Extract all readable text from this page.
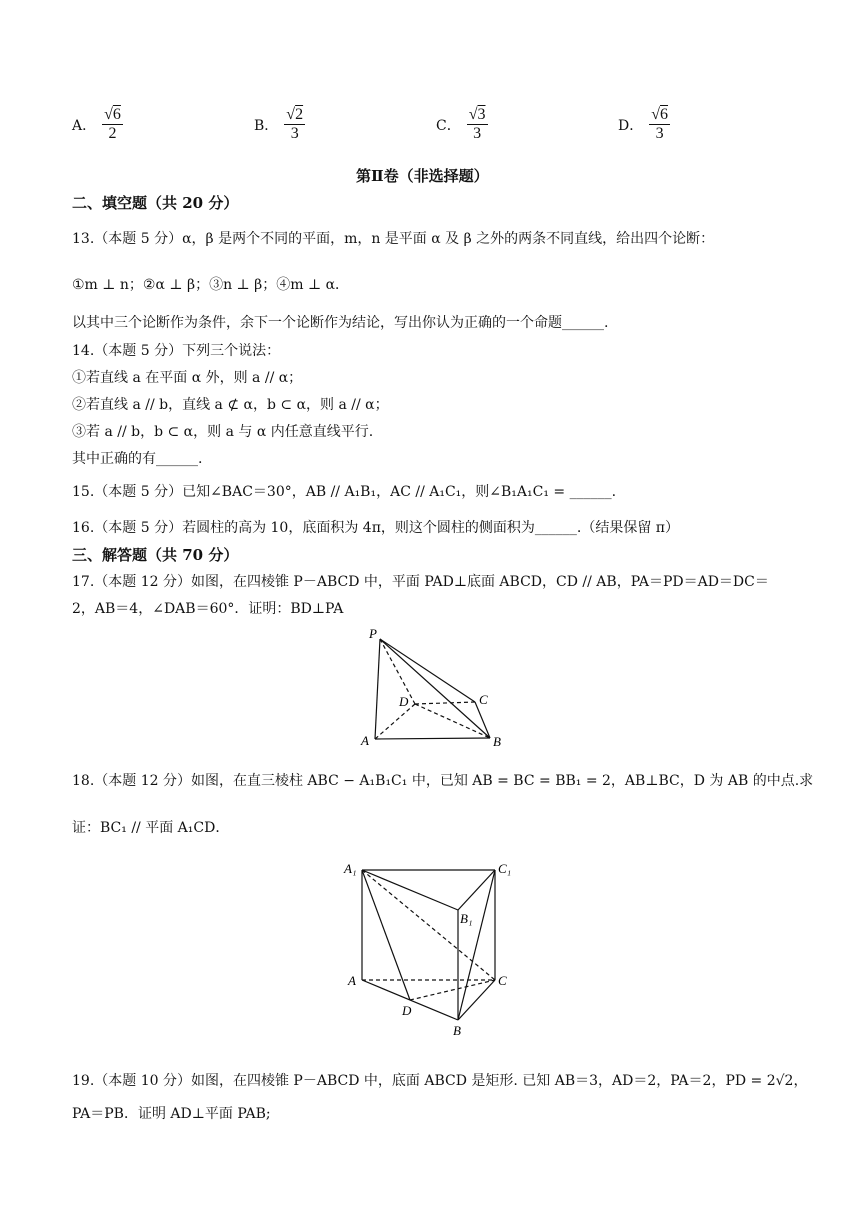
A． $\frac{√6}{2}$	B． $\frac{√2}{3}$	C． $\frac{√3}{3}$	D． $\frac{√6}{3}$
第Ⅱ卷（非选择题）
二、填空题（共 20 分）
13.（本题 5 分）α，β 是两个不同的平面，m，n 是平面 α 及 β 之外的两条不同直线，给出四个论断：
①m ⊥ n；②α ⊥ β；③n ⊥ β；④m ⊥ α．
以其中三个论断作为条件，余下一个论断作为结论，写出你认为正确的一个命题______.
14.（本题 5 分）下列三个说法：
①若直线 a 在平面 α 外，则 a // α；
②若直线 a // b，直线 a ⊄ α，b ⊂ α，则 a // α；
③若 a // b，b ⊂ α，则 a 与 α 内任意直线平行.
其中正确的有______.
15.（本题 5 分）已知∠BAC＝30°，AB // A₁B₁，AC // A₁C₁，则∠B₁A₁C₁ = ______.
16.（本题 5 分）若圆柱的高为 10，底面积为 4π，则这个圆柱的侧面积为______.（结果保留 π）
三、解答题（共 70 分）
17.（本题 12 分）如图，在四棱锥 P－ABCD 中，平面 PAD⊥底面 ABCD，CD // AB，PA＝PD＝AD＝DC＝
2，AB＝4，∠DAB＝60°．证明：BD⊥PA
P
D	C
A	B
18.（本题 12 分）如图，在直三棱柱 ABC − A₁B₁C₁ 中，已知 AB = BC = BB₁ = 2，AB⊥BC，D 为 AB 的中点.求
证：BC₁ // 平面 A₁CD．
A₁	C₁
B₁
A	C
D
B
19.（本题 10 分）如图，在四棱锥 P－ABCD 中，底面 ABCD 是矩形. 已知 AB＝3，AD＝2，PA＝2，PD = 2√2，
PA＝PB．证明 AD⊥平面 PAB;
